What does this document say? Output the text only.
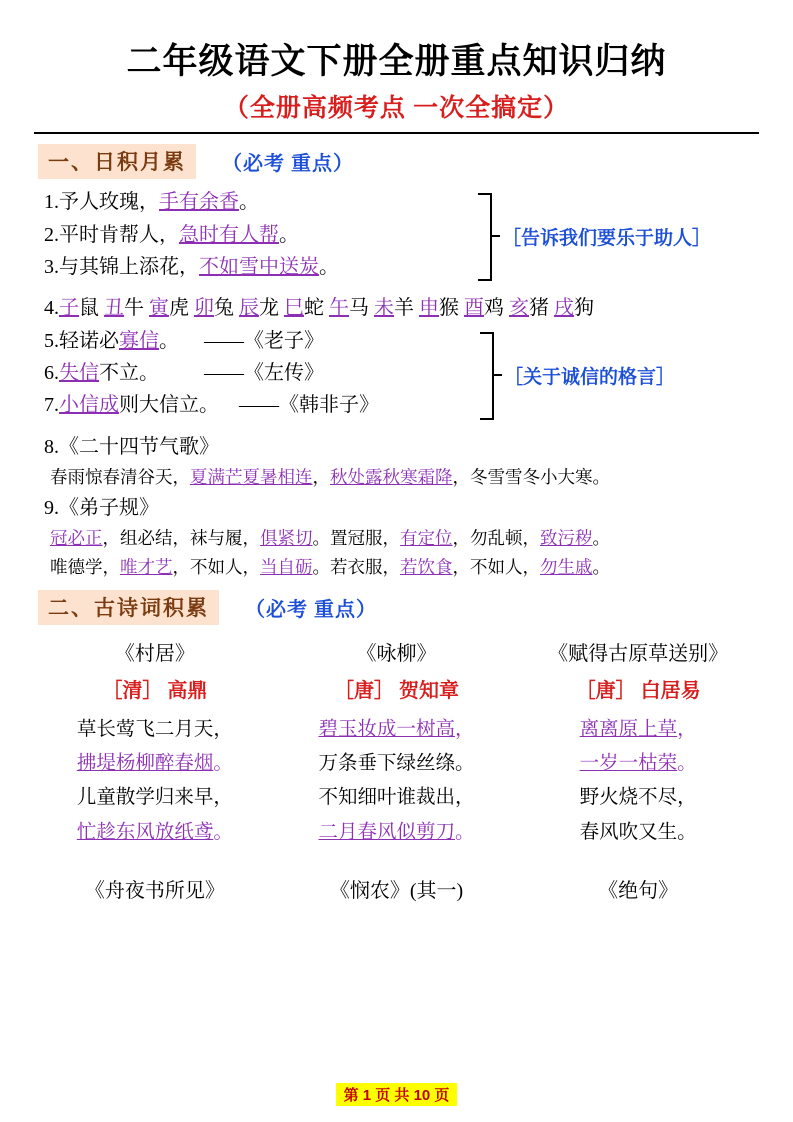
二年级语文下册全册重点知识归纳
（全册高频考点 一次全搞定）
一、日积月累	（必考 重点）
1.予人玫瑰，手有余香。
2.平时肯帮人，急时有人帮。
3.与其锦上添花，不如雪中送炭。
［告诉我们要乐于助人］
4.子鼠 丑牛 寅虎 卯兔 辰龙 巳蛇 午马 未羊 申猴 酉鸡 亥猪 戌狗
5.轻诺必寡信。 ——《老子》
6.失信不立。 ——《左传》
7.小信成则大信立。 ——《韩非子》
［关于诚信的格言］
8.《二十四节气歌》
春雨惊春清谷天，夏满芒夏暑相连，秋处露秋寒霜降，冬雪雪冬小大寒。
9.《弟子规》
冠必正，组必结，袜与履，俱紧切。置冠服，有定位，勿乱顿，致污秽。
唯德学，唯才艺，不如人，当自砺。若衣服，若饮食，不如人，勿生戚。
二、古诗词积累	（必考 重点）
《村居》
［清］ 高鼎
草长莺飞二月天，
拂堤杨柳醉春烟。
儿童散学归来早，
忙趁东风放纸鸢。
《舟夜书所见》
《咏柳》
［唐］ 贺知章
碧玉妆成一树高，
万条垂下绿丝绦。
不知细叶谁裁出，
二月春风似剪刀。
《悯农》(其一)
《赋得古原草送别》
［唐］ 白居易
离离原上草，
一岁一枯荣。
野火烧不尽，
春风吹又生。
《绝句》
第 1 页 共 10 页
